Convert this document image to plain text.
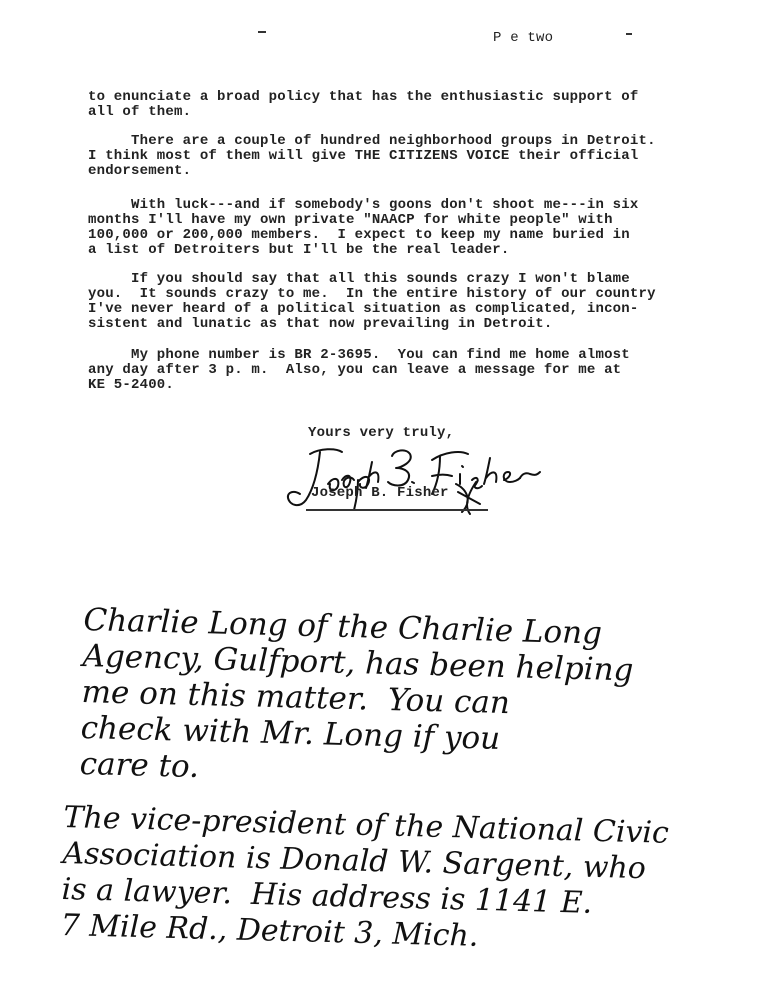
P e two
to enunciate a broad policy that has the enthusiastic support of
all of them.
There are a couple of hundred neighborhood groups in Detroit.
I think most of them will give THE CITIZENS VOICE their official
endorsement.
With luck---and if somebody's goons don't shoot me---in six
months I'll have my own private "NAACP for white people" with
100,000 or 200,000 members.  I expect to keep my name buried in
a list of Detroiters but I'll be the real leader.
If you should say that all this sounds crazy I won't blame
you.  It sounds crazy to me.  In the entire history of our country
I've never heard of a political situation as complicated, incon-
sistent and lunatic as that now prevailing in Detroit.
My phone number is BR 2-3695.  You can find me home almost
any day after 3 p. m.  Also, you can leave a message for me at
KE 5-2400.
Yours very truly,
Joseph B. Fisher
Charlie Long of the Charlie Long
Agency, Gulfport, has been helping
me on this matter.  You can
check with Mr. Long if you
care to.
The vice-president of the National Civic
Association is Donald W. Sargent, who
is a lawyer.  His address is 1141 E.
7 Mile Rd., Detroit 3, Mich.
